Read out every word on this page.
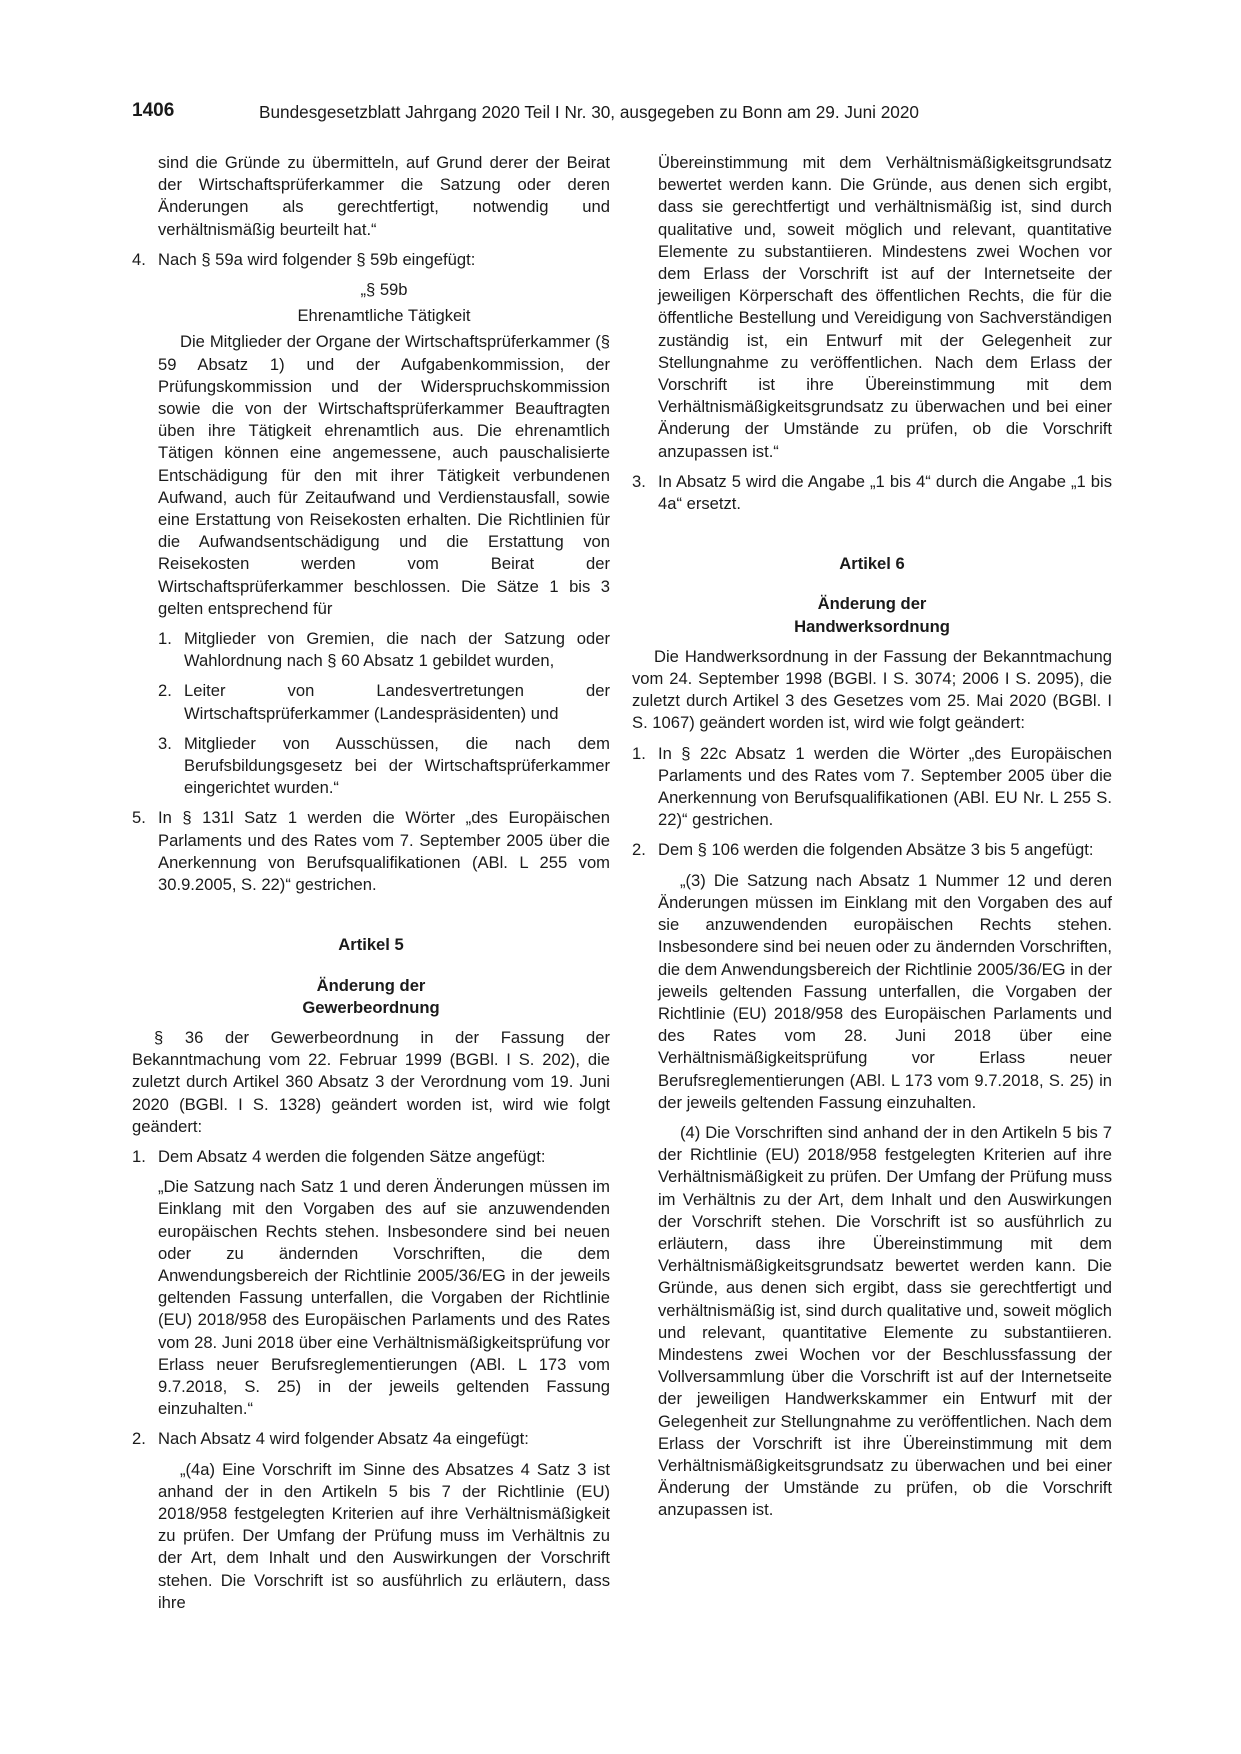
1406	Bundesgesetzblatt Jahrgang 2020 Teil I Nr. 30, ausgegeben zu Bonn am 29. Juni 2020

sind die Gründe zu übermitteln, auf Grund derer der Beirat der Wirtschaftsprüferkammer die Satzung oder deren Änderungen als gerechtfertigt, notwendig und verhältnismäßig beurteilt hat.“

4. Nach § 59a wird folgender § 59b eingefügt:

„§ 59b

Ehrenamtliche Tätigkeit

Die Mitglieder der Organe der Wirtschaftsprüferkammer (§ 59 Absatz 1) und der Aufgabenkommission, der Prüfungskommission und der Widerspruchskommission sowie die von der Wirtschaftsprüferkammer Beauftragten üben ihre Tätigkeit ehrenamtlich aus. Die ehrenamtlich Tätigen können eine angemessene, auch pauschalisierte Entschädigung für den mit ihrer Tätigkeit verbundenen Aufwand, auch für Zeitaufwand und Verdienstausfall, sowie eine Erstattung von Reisekosten erhalten. Die Richtlinien für die Aufwandsentschädigung und die Erstattung von Reisekosten werden vom Beirat der Wirtschaftsprüferkammer beschlossen. Die Sätze 1 bis 3 gelten entsprechend für

1. Mitglieder von Gremien, die nach der Satzung oder Wahlordnung nach § 60 Absatz 1 gebildet wurden,
2. Leiter von Landesvertretungen der Wirtschaftsprüferkammer (Landespräsidenten) und
3. Mitglieder von Ausschüssen, die nach dem Berufsbildungsgesetz bei der Wirtschaftsprüferkammer eingerichtet wurden.“
5. In § 131l Satz 1 werden die Wörter „des Europäischen Parlaments und des Rates vom 7. September 2005 über die Anerkennung von Berufsqualifikationen (ABl. L 255 vom 30.9.2005, S. 22)“ gestrichen.

Artikel 5

Änderung der

Gewerbeordnung

§ 36 der Gewerbeordnung in der Fassung der Bekanntmachung vom 22. Februar 1999 (BGBl. I S. 202), die zuletzt durch Artikel 360 Absatz 3 der Verordnung vom 19. Juni 2020 (BGBl. I S. 1328) geändert worden ist, wird wie folgt geändert:

1. Dem Absatz 4 werden die folgenden Sätze angefügt:

„Die Satzung nach Satz 1 und deren Änderungen müssen im Einklang mit den Vorgaben des auf sie anzuwendenden europäischen Rechts stehen. Insbesondere sind bei neuen oder zu ändernden Vorschriften, die dem Anwendungsbereich der Richtlinie 2005/36/EG in der jeweils geltenden Fassung unterfallen, die Vorgaben der Richtlinie (EU) 2018/958 des Europäischen Parlaments und des Rates vom 28. Juni 2018 über eine Verhältnismäßigkeitsprüfung vor Erlass neuer Berufsreglementierungen (ABl. L 173 vom 9.7.2018, S. 25) in der jeweils geltenden Fassung einzuhalten.“

2. Nach Absatz 4 wird folgender Absatz 4a eingefügt:

„(4a) Eine Vorschrift im Sinne des Absatzes 4 Satz 3 ist anhand der in den Artikeln 5 bis 7 der Richtlinie (EU) 2018/958 festgelegten Kriterien auf ihre Verhältnismäßigkeit zu prüfen. Der Umfang der Prüfung muss im Verhältnis zu der Art, dem Inhalt und den Auswirkungen der Vorschrift stehen. Die Vorschrift ist so ausführlich zu erläutern, dass ihre

Übereinstimmung mit dem Verhältnismäßigkeitsgrundsatz bewertet werden kann. Die Gründe, aus denen sich ergibt, dass sie gerechtfertigt und verhältnismäßig ist, sind durch qualitative und, soweit möglich und relevant, quantitative Elemente zu substantiieren. Mindestens zwei Wochen vor dem Erlass der Vorschrift ist auf der Internetseite der jeweiligen Körperschaft des öffentlichen Rechts, die für die öffentliche Bestellung und Vereidigung von Sachverständigen zuständig ist, ein Entwurf mit der Gelegenheit zur Stellungnahme zu veröffentlichen. Nach dem Erlass der Vorschrift ist ihre Übereinstimmung mit dem Verhältnismäßigkeitsgrundsatz zu überwachen und bei einer Änderung der Umstände zu prüfen, ob die Vorschrift anzupassen ist.“

3. In Absatz 5 wird die Angabe „1 bis 4“ durch die Angabe „1 bis 4a“ ersetzt.

Artikel 6

Änderung der

Handwerksordnung

Die Handwerksordnung in der Fassung der Bekanntmachung vom 24. September 1998 (BGBl. I S. 3074; 2006 I S. 2095), die zuletzt durch Artikel 3 des Gesetzes vom 25. Mai 2020 (BGBl. I S. 1067) geändert worden ist, wird wie folgt geändert:

1. In § 22c Absatz 1 werden die Wörter „des Europäischen Parlaments und des Rates vom 7. September 2005 über die Anerkennung von Berufsqualifikationen (ABl. EU Nr. L 255 S. 22)“ gestrichen.
2. Dem § 106 werden die folgenden Absätze 3 bis 5 angefügt:

„(3) Die Satzung nach Absatz 1 Nummer 12 und deren Änderungen müssen im Einklang mit den Vorgaben des auf sie anzuwendenden europäischen Rechts stehen. Insbesondere sind bei neuen oder zu ändernden Vorschriften, die dem Anwendungsbereich der Richtlinie 2005/36/EG in der jeweils geltenden Fassung unterfallen, die Vorgaben der Richtlinie (EU) 2018/958 des Europäischen Parlaments und des Rates vom 28. Juni 2018 über eine Verhältnismäßigkeitsprüfung vor Erlass neuer Berufsreglementierungen (ABl. L 173 vom 9.7.2018, S. 25) in der jeweils geltenden Fassung einzuhalten.

(4) Die Vorschriften sind anhand der in den Artikeln 5 bis 7 der Richtlinie (EU) 2018/958 festgelegten Kriterien auf ihre Verhältnismäßigkeit zu prüfen. Der Umfang der Prüfung muss im Verhältnis zu der Art, dem Inhalt und den Auswirkungen der Vorschrift stehen. Die Vorschrift ist so ausführlich zu erläutern, dass ihre Übereinstimmung mit dem Verhältnismäßigkeitsgrundsatz bewertet werden kann. Die Gründe, aus denen sich ergibt, dass sie gerechtfertigt und verhältnismäßig ist, sind durch qualitative und, soweit möglich und relevant, quantitative Elemente zu substantiieren. Mindestens zwei Wochen vor der Beschlussfassung der Vollversammlung über die Vorschrift ist auf der Internetseite der jeweiligen Handwerkskammer ein Entwurf mit der Gelegenheit zur Stellungnahme zu veröffentlichen. Nach dem Erlass der Vorschrift ist ihre Übereinstimmung mit dem Verhältnismäßigkeitsgrundsatz zu überwachen und bei einer Änderung der Umstände zu prüfen, ob die Vorschrift anzupassen ist.
